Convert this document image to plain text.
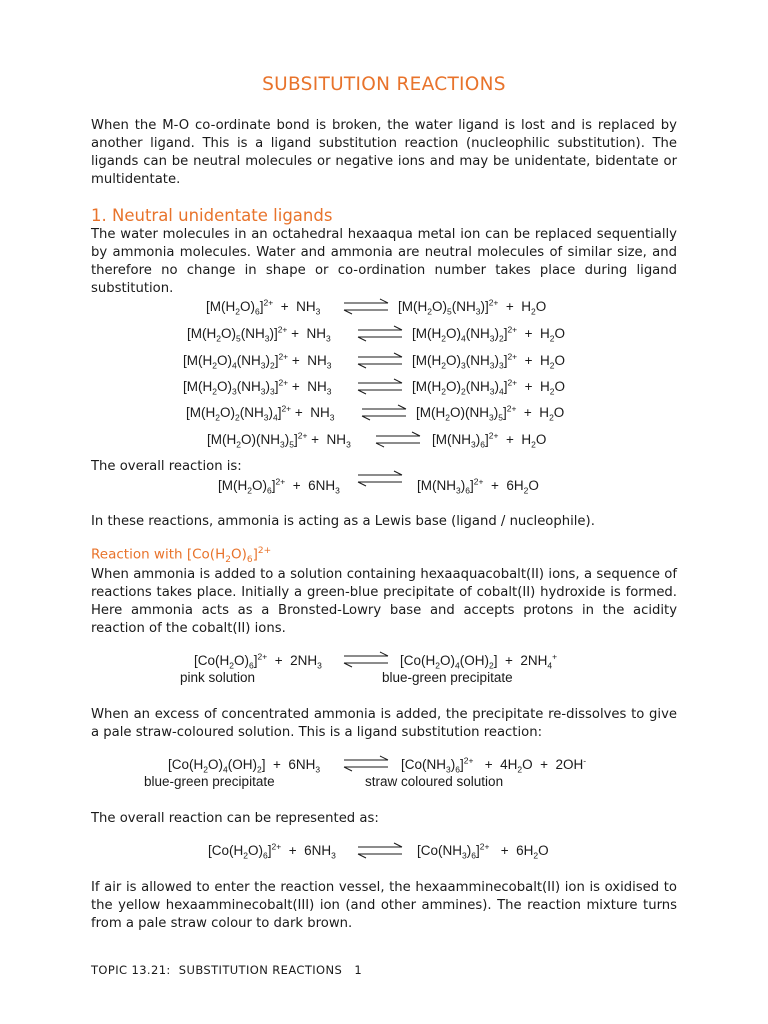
SUBSITUTION REACTIONS
When the M-O co-ordinate bond is broken, the water ligand is lost and is replaced by another ligand. This is a ligand substitution reaction (nucleophilic substitution). The ligands can be neutral molecules or negative ions and may be unidentate, bidentate or multidentate.
1. Neutral unidentate ligands
The water molecules in an octahedral hexaaqua metal ion can be replaced sequentially by ammonia molecules. Water and ammonia are neutral molecules of similar size, and therefore no change in shape or co-ordination number takes place during ligand substitution.
$[M(H_2O)_6]^{2+} + NH_3$	$[M(H_2O)_5(NH_3)]^{2+} + H_2O$
$[M(H_2O)_5(NH_3)]^{2+} + NH_3$	$[M(H_2O)_4(NH_3)_2]^{2+} + H_2O$
$[M(H_2O)_4(NH_3)_2]^{2+} + NH_3$	$[M(H_2O)_3(NH_3)_3]^{2+} + H_2O$
$[M(H_2O)_3(NH_3)_3]^{2+} + NH_3$	$[M(H_2O)_2(NH_3)_4]^{2+} + H_2O$
$[M(H_2O)_2(NH_3)_4]^{2+} + NH_3$	$[M(H_2O)(NH_3)_5]^{2+} + H_2O$
$[M(H_2O)(NH_3)_5]^{2+} + NH_3$	$[M(NH_3)_6]^{2+} + H_2O$
The overall reaction is:
$[M(H_2O)_6]^{2+} + 6NH_3$	$[M(NH_3)_6]^{2+} + 6H_2O$
In these reactions, ammonia is acting as a Lewis base (ligand / nucleophile).
Reaction with $[Co(H_2O)_6]^{2+}$
When ammonia is added to a solution containing hexaaquacobalt(II) ions, a sequence of reactions takes place. Initially a green-blue precipitate of cobalt(II) hydroxide is formed. Here ammonia acts as a Bronsted-Lowry base and accepts protons in the acidity reaction of the cobalt(II) ions.
$[Co(H_2O)_6]^{2+} + 2NH_3$	$[Co(H_2O)_4(OH)_2] + 2NH_4^+$
pink solution	blue-green precipitate
When an excess of concentrated ammonia is added, the precipitate re-dissolves to give a pale straw-coloured solution. This is a ligand substitution reaction:
$[Co(H_2O)_4(OH)_2] + 6NH_3$	$[Co(NH_3)_6]^{2+} + 4H_2O + 2OH^-$
blue-green precipitate	straw coloured solution
The overall reaction can be represented as:
$[Co(H_2O)_6]^{2+} + 6NH_3$	$[Co(NH_3)_6]^{2+} + 6H_2O$
If air is allowed to enter the reaction vessel, the hexaamminecobalt(II) ion is oxidised to the yellow hexaamminecobalt(III) ion (and other ammines). The reaction mixture turns from a pale straw colour to dark brown.
TOPIC 13.21:  SUBSTITUTION REACTIONS   1
